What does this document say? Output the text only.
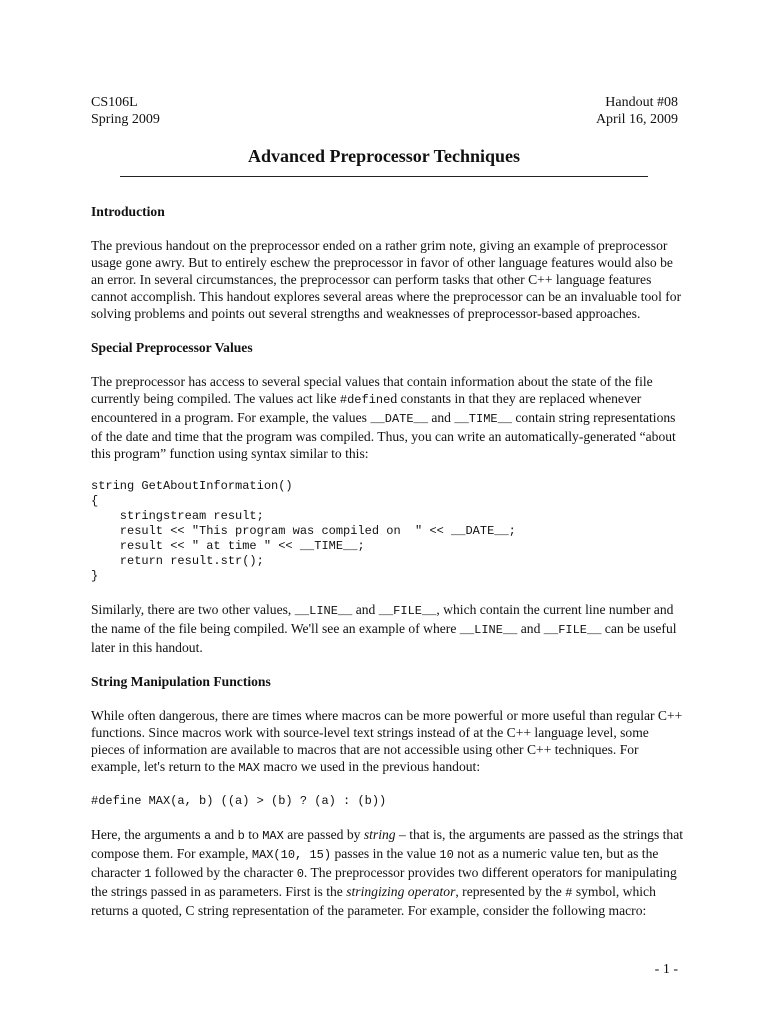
CS106L
Spring 2009
Handout #08
April 16, 2009
Advanced Preprocessor Techniques
Introduction

The previous handout on the preprocessor ended on a rather grim note, giving an example of preprocessor usage gone awry. But to entirely eschew the preprocessor in favor of other language features would also be an error. In several circumstances, the preprocessor can perform tasks that other C++ language features cannot accomplish. This handout explores several areas where the preprocessor can be an invaluable tool for solving problems and points out several strengths and weaknesses of preprocessor-based approaches.

Special Preprocessor Values

The preprocessor has access to several special values that contain information about the state of the file currently being compiled. The values act like #defined constants in that they are replaced whenever encountered in a program. For example, the values __DATE__ and __TIME__ contain string representations of the date and time that the program was compiled. Thus, you can write an automatically-generated “about this program” function using syntax similar to this:

string GetAboutInformation()
{
stringstream result;
result << "This program was compiled on  " << __DATE__;
result << " at time " << __TIME__;
return result.str();
}

Similarly, there are two other values, __LINE__ and __FILE__, which contain the current line number and the name of the file being compiled. We'll see an example of where __LINE__ and __FILE__ can be useful later in this handout.

String Manipulation Functions

While often dangerous, there are times where macros can be more powerful or more useful than regular C++ functions. Since macros work with source-level text strings instead of at the C++ language level, some pieces of information are available to macros that are not accessible using other C++ techniques. For example, let's return to the MAX macro we used in the previous handout:

#define MAX(a, b) ((a) > (b) ? (a) : (b))

Here, the arguments a and b to MAX are passed by string – that is, the arguments are passed as the strings that compose them. For example, MAX(10, 15) passes in the value 10 not as a numeric value ten, but as the character 1 followed by the character 0. The preprocessor provides two different operators for manipulating the strings passed in as parameters. First is the stringizing operator, represented by the # symbol, which returns a quoted, C string representation of the parameter. For example, consider the following macro:

- 1 -
